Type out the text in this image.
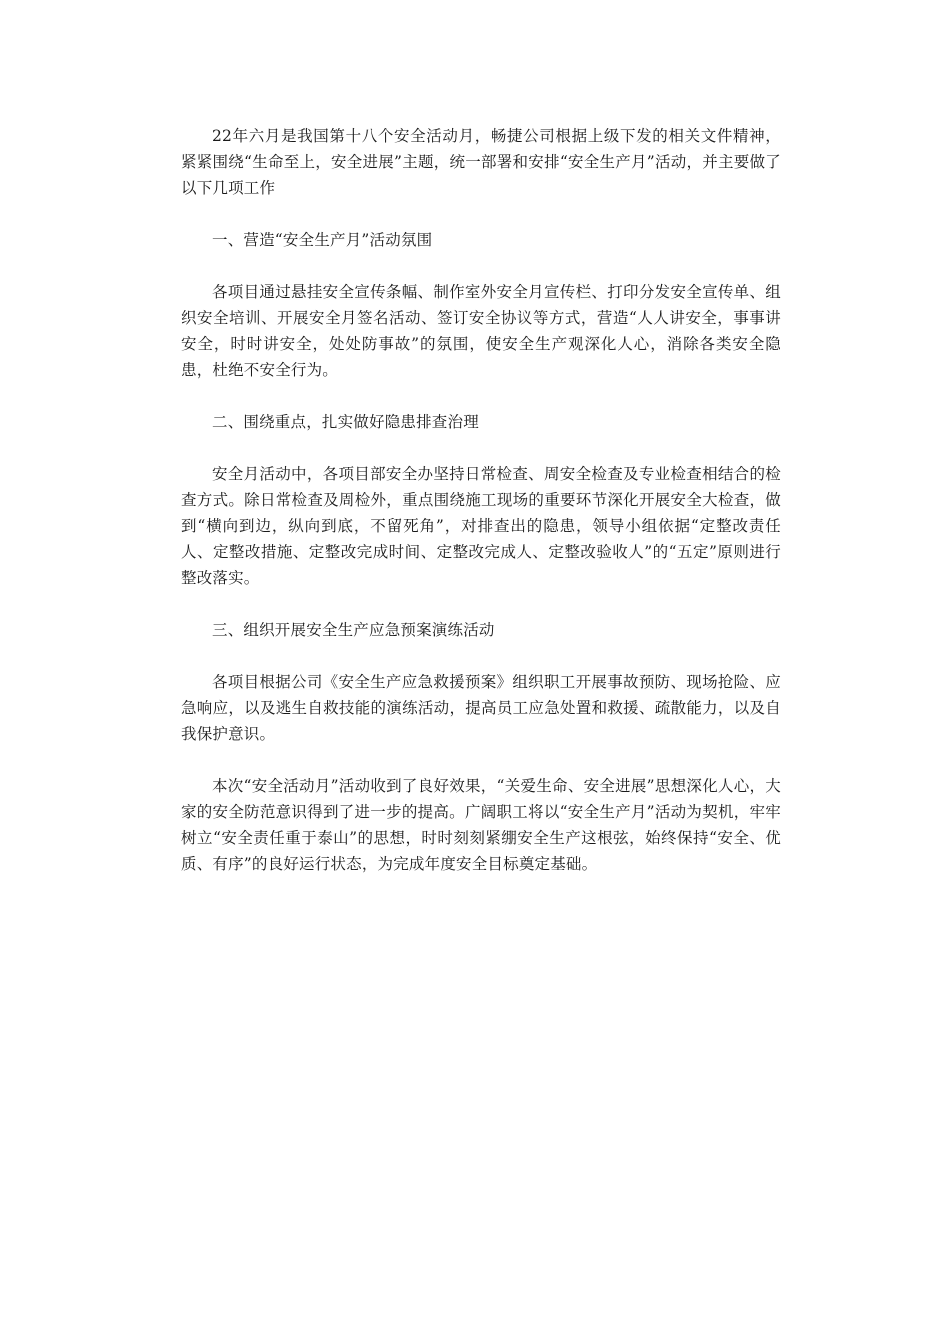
22年六月是我国第十八个安全活动月，畅捷公司根据上级下发的相关文件精神，紧紧围绕“生命至上，安全进展”主题，统一部署和安排“安全生产月”活动，并主要做了以下几项工作

一、营造“安全生产月”活动氛围

各项目通过悬挂安全宣传条幅、制作室外安全月宣传栏、打印分发安全宣传单、组织安全培训、开展安全月签名活动、签订安全协议等方式，营造“人人讲安全，事事讲安全，时时讲安全，处处防事故”的氛围，使安全生产观深化人心，消除各类安全隐患，杜绝不安全行为。

二、围绕重点，扎实做好隐患排查治理

安全月活动中，各项目部安全办坚持日常检查、周安全检查及专业检查相结合的检查方式。除日常检查及周检外，重点围绕施工现场的重要环节深化开展安全大检查，做到“横向到边，纵向到底，不留死角”，对排查出的隐患，领导小组依据“定整改责任人、定整改措施、定整改完成时间、定整改完成人、定整改验收人”的“五定”原则进行整改落实。

三、组织开展安全生产应急预案演练活动

各项目根据公司《安全生产应急救援预案》组织职工开展事故预防、现场抢险、应急响应，以及逃生自救技能的演练活动，提高员工应急处置和救援、疏散能力，以及自我保护意识。

本次“安全活动月”活动收到了良好效果，“关爱生命、安全进展”思想深化人心，大家的安全防范意识得到了进一步的提高。广阔职工将以“安全生产月”活动为契机，牢牢树立“安全责任重于泰山”的思想，时时刻刻紧绷安全生产这根弦，始终保持“安全、优质、有序”的良好运行状态，为完成年度安全目标奠定基础。
